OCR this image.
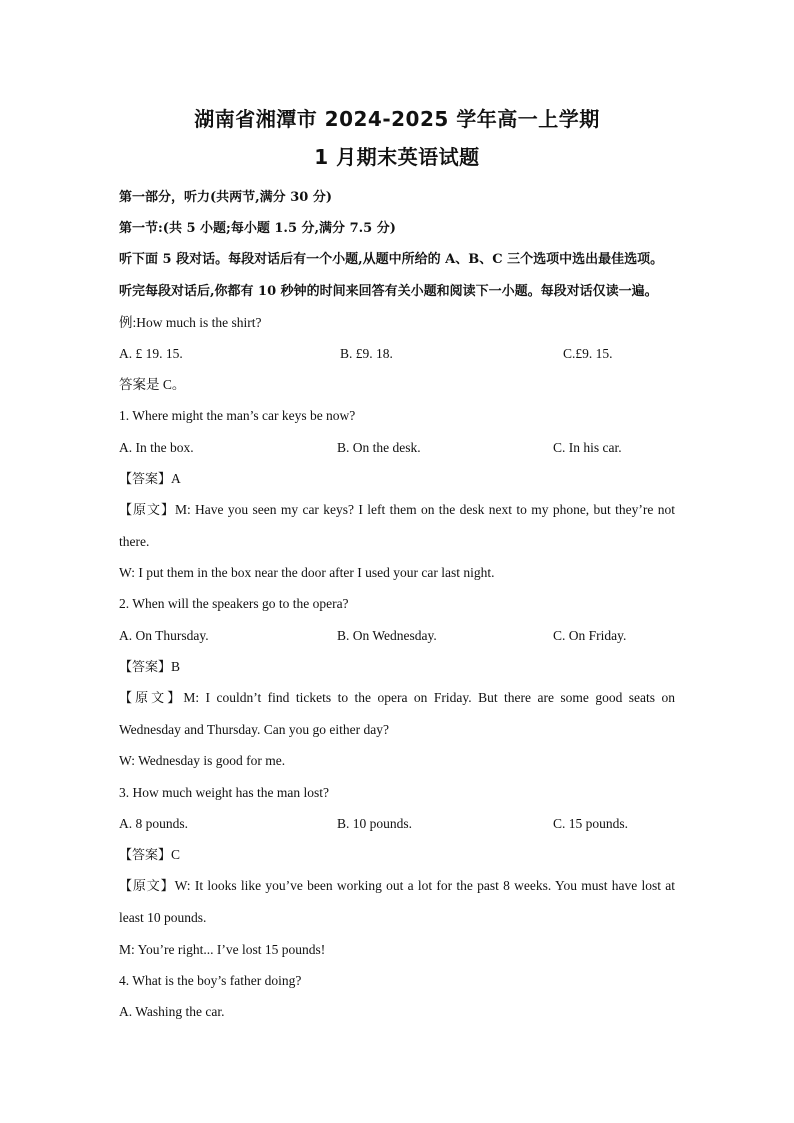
湖南省湘潭市 2024-2025 学年高一上学期
1 月期末英语试题

第一部分，听力(共两节,满分 30 分)

第一节:(共 5 小题;每小题 1.5 分,满分 7.5 分)

听下面 5 段对话。每段对话后有一个小题,从题中所给的 A、B、C 三个选项中选出最佳选项。

听完每段对话后,你都有 10 秒钟的时间来回答有关小题和阅读下一小题。每段对话仅读一遍。

例:How much is the shirt?

A. £ 19. 15.	B. £9. 18.	C.£9. 15.

答案是 C。

1. Where might the man’s car keys be now?

A. In the box.	B. On the desk.	C. In his car.

【答案】A

【原文】M: Have you seen my car keys? I left them on the desk next to my phone, but they’re not there.

W: I put them in the box near the door after I used your car last night.

2. When will the speakers go to the opera?

A. On Thursday.	B. On Wednesday.	C. On Friday.

【答案】B

【原文】M: I couldn’t find tickets to the opera on Friday. But there are some good seats on Wednesday and Thursday. Can you go either day?

W: Wednesday is good for me.

3. How much weight has the man lost?

A. 8 pounds.	B. 10 pounds.	C. 15 pounds.

【答案】C

【原文】W: It looks like you’ve been working out a lot for the past 8 weeks. You must have lost at least 10 pounds.

M: You’re right... I’ve lost 15 pounds!

4. What is the boy’s father doing?

A. Washing the car.
